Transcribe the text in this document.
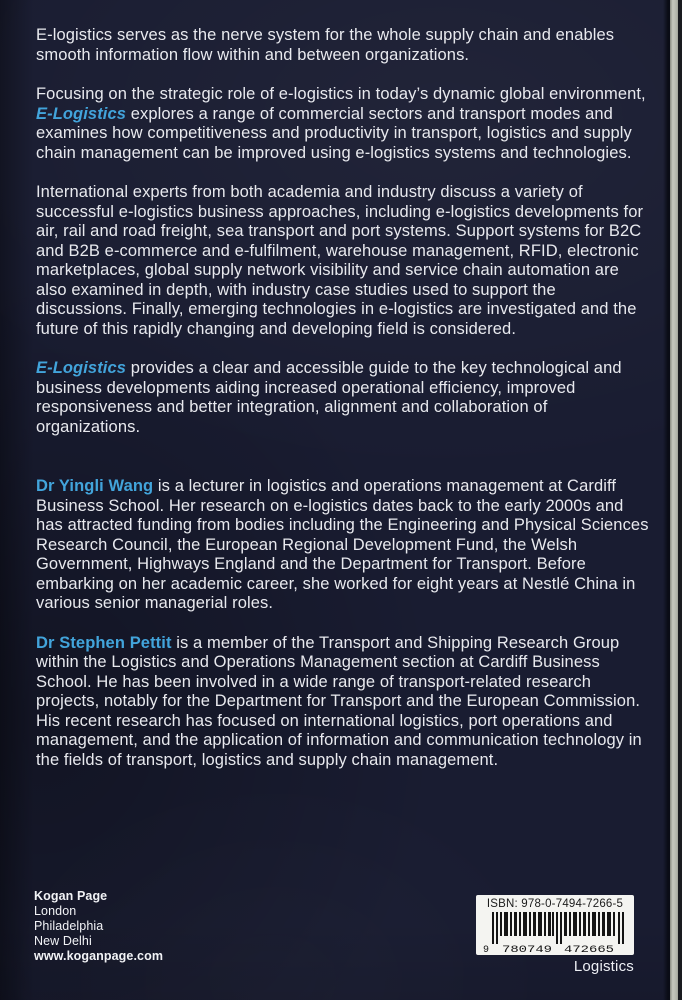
E-logistics serves as the nerve system for the whole supply chain and enables smooth information flow within and between organizations.

Focusing on the strategic role of e-logistics in today’s dynamic global environment, E-Logistics explores a range of commercial sectors and transport modes and examines how competitiveness and productivity in transport, logistics and supply chain management can be improved using e-logistics systems and technologies.

International experts from both academia and industry discuss a variety of successful e-logistics business approaches, including e-logistics developments for air, rail and road freight, sea transport and port systems. Support systems for B2C and B2B e-commerce and e-fulfilment, warehouse management, RFID, electronic marketplaces, global supply network visibility and service chain automation are also examined in depth, with industry case studies used to support the discussions. Finally, emerging technologies in e-logistics are investigated and the future of this rapidly changing and developing field is considered.

E-Logistics provides a clear and accessible guide to the key technological and business developments aiding increased operational efficiency, improved responsiveness and better integration, alignment and collaboration of organizations.

Dr Yingli Wang is a lecturer in logistics and operations management at Cardiff Business School. Her research on e-logistics dates back to the early 2000s and has attracted funding from bodies including the Engineering and Physical Sciences Research Council, the European Regional Development Fund, the Welsh Government, Highways England and the Department for Transport. Before embarking on her academic career, she worked for eight years at Nestlé China in various senior managerial roles.

Dr Stephen Pettit is a member of the Transport and Shipping Research Group within the Logistics and Operations Management section at Cardiff Business School. He has been involved in a wide range of transport-related research projects, notably for the Department for Transport and the European Commission. His recent research has focused on international logistics, port operations and management, and the application of information and communication technology in the fields of transport, logistics and supply chain management.

Kogan Page
London
Philadelphia
New Delhi
www.koganpage.com
ISBN: 978-0-7494-7266-5
9 780749 472665
Logistics
